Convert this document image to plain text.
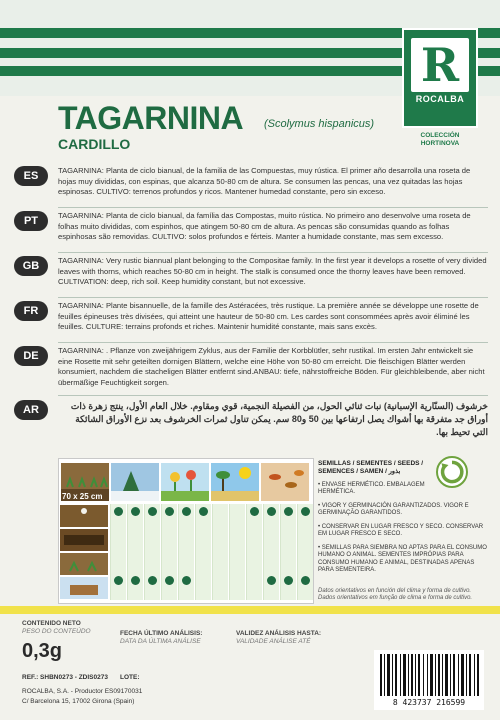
R
ROCALBA
COLECCIÓN
HORTINOVA
TAGARNINA (Scolymus hispanicus)
CARDILLO
ES	TAGARNINA: Planta de ciclo bianual, de la familia de las Compuestas, muy rústica. El primer año desarrolla una roseta de hojas muy divididas, con espinas, que alcanza 50-80 cm de altura. Se consumen las pencas, una vez quitadas las hojas espinosas. CULTIVO: terrenos profundos y ricos. Mantener humedad constante, pero sin exceso.
PT	TAGARNINA: Planta de ciclo bianual, da família das Compostas, muito rústica. No primeiro ano desenvolve uma roseta de folhas muito divididas, com espinhos, que atingem 50-80 cm de altura. As pencas são consumidas quando as folhas espinhosas são removidas. CULTIVO: solos profundos e férteis. Manter a humidade constante, mas sem excesso.
GB	TAGARNINA: Very rustic biannual plant belonging to the Compositae family. In the first year it develops a rosette of very divided leaves with thorns, which reaches 50-80 cm in height. The stalk is consumed once the thorny leaves have been removed. CULTIVATION: deep, rich soil. Keep humidity constant, but not excessive.
FR	TAGARNINA: Plante bisannuelle, de la famille des Astéracées, très rustique. La première année se développe une rosette de feuilles épineuses très divisées, qui atteint une hauteur de 50-80 cm. Les cardes sont consommées après avoir éliminé les feuilles. CULTURE: terrains profonds et riches. Maintenir humidité constante, mais sans excès.
DE	TAGARNINA: . Pflanze von zweijährigem Zyklus, aus der Familie der Korbblütler, sehr rustikal. Im ersten Jahr entwickelt sie eine Rosette mit sehr geteilten dornigen Blättern, welche eine Höhe von 50-80 cm erreicht. Die fleischigen Blätter werden konsumiert, nachdem die stacheligen Blätter entfernt sind.ANBAU: tiefe, nährstoffreiche Böden. Für gleichbleibende, aber nicht übermäßige Feuchtigkeit sorgen.
AR	خرشوف (السنّارية الإسبانية) نبات ثنائي الحول، من الفصيلة النجمية، قوي ومقاوم. خلال العام الأول، ينتج زهرة ذات أوراق جد متفرقة بها أشواك يصل ارتفاعها بين 50 و80 سم. يمكن تناول ثمرات الخرشوف بعد نزع الأوراق الشائكة التي تحيط بها.
70 x 25 cm
SEMILLAS / SEMENTES / SEEDS /
SEMENCES / SAMEN / بذور
• ENVASE HERMÉTICO. EMBALAGEM HERMÉTICA.
• VIGOR Y GERMINACIÓN GARANTIZADOS. VIGOR E GERMINAÇÃO GARANTIDOS.
• CONSERVAR EN LUGAR FRESCO Y SECO. CONSERVAR EM LUGAR FRESCO E SECO.
• SEMILLAS PARA SIEMBRA NO APTAS PARA EL CONSUMO HUMANO O ANIMAL. SEMENTES IMPRÓPIAS PARA CONSUMO HUMANO E ANIMAL, DESTINADAS APENAS PARA SEMENTEIRA.
Datos orientativos en función del clima y forma de cultivo. Dados orientativos em função de clima e forma de cultivo.
CONTENIDO NETO
PESO DO CONTEÚDO
0,3g
FECHA ÚLTIMO ANÁLISIS:
DATA DA ÚLTIMA ANÁLISE
VALIDEZ ANÁLISIS HASTA:
VALIDADE ANÁLISE ATÉ
REF.: SHBN0273 - ZDIS0273 LOTE:
ROCALBA, S.A. - Productor ES09170031
C/ Barcelona 15, 17002 Girona (Spain)	8 423737 216599
